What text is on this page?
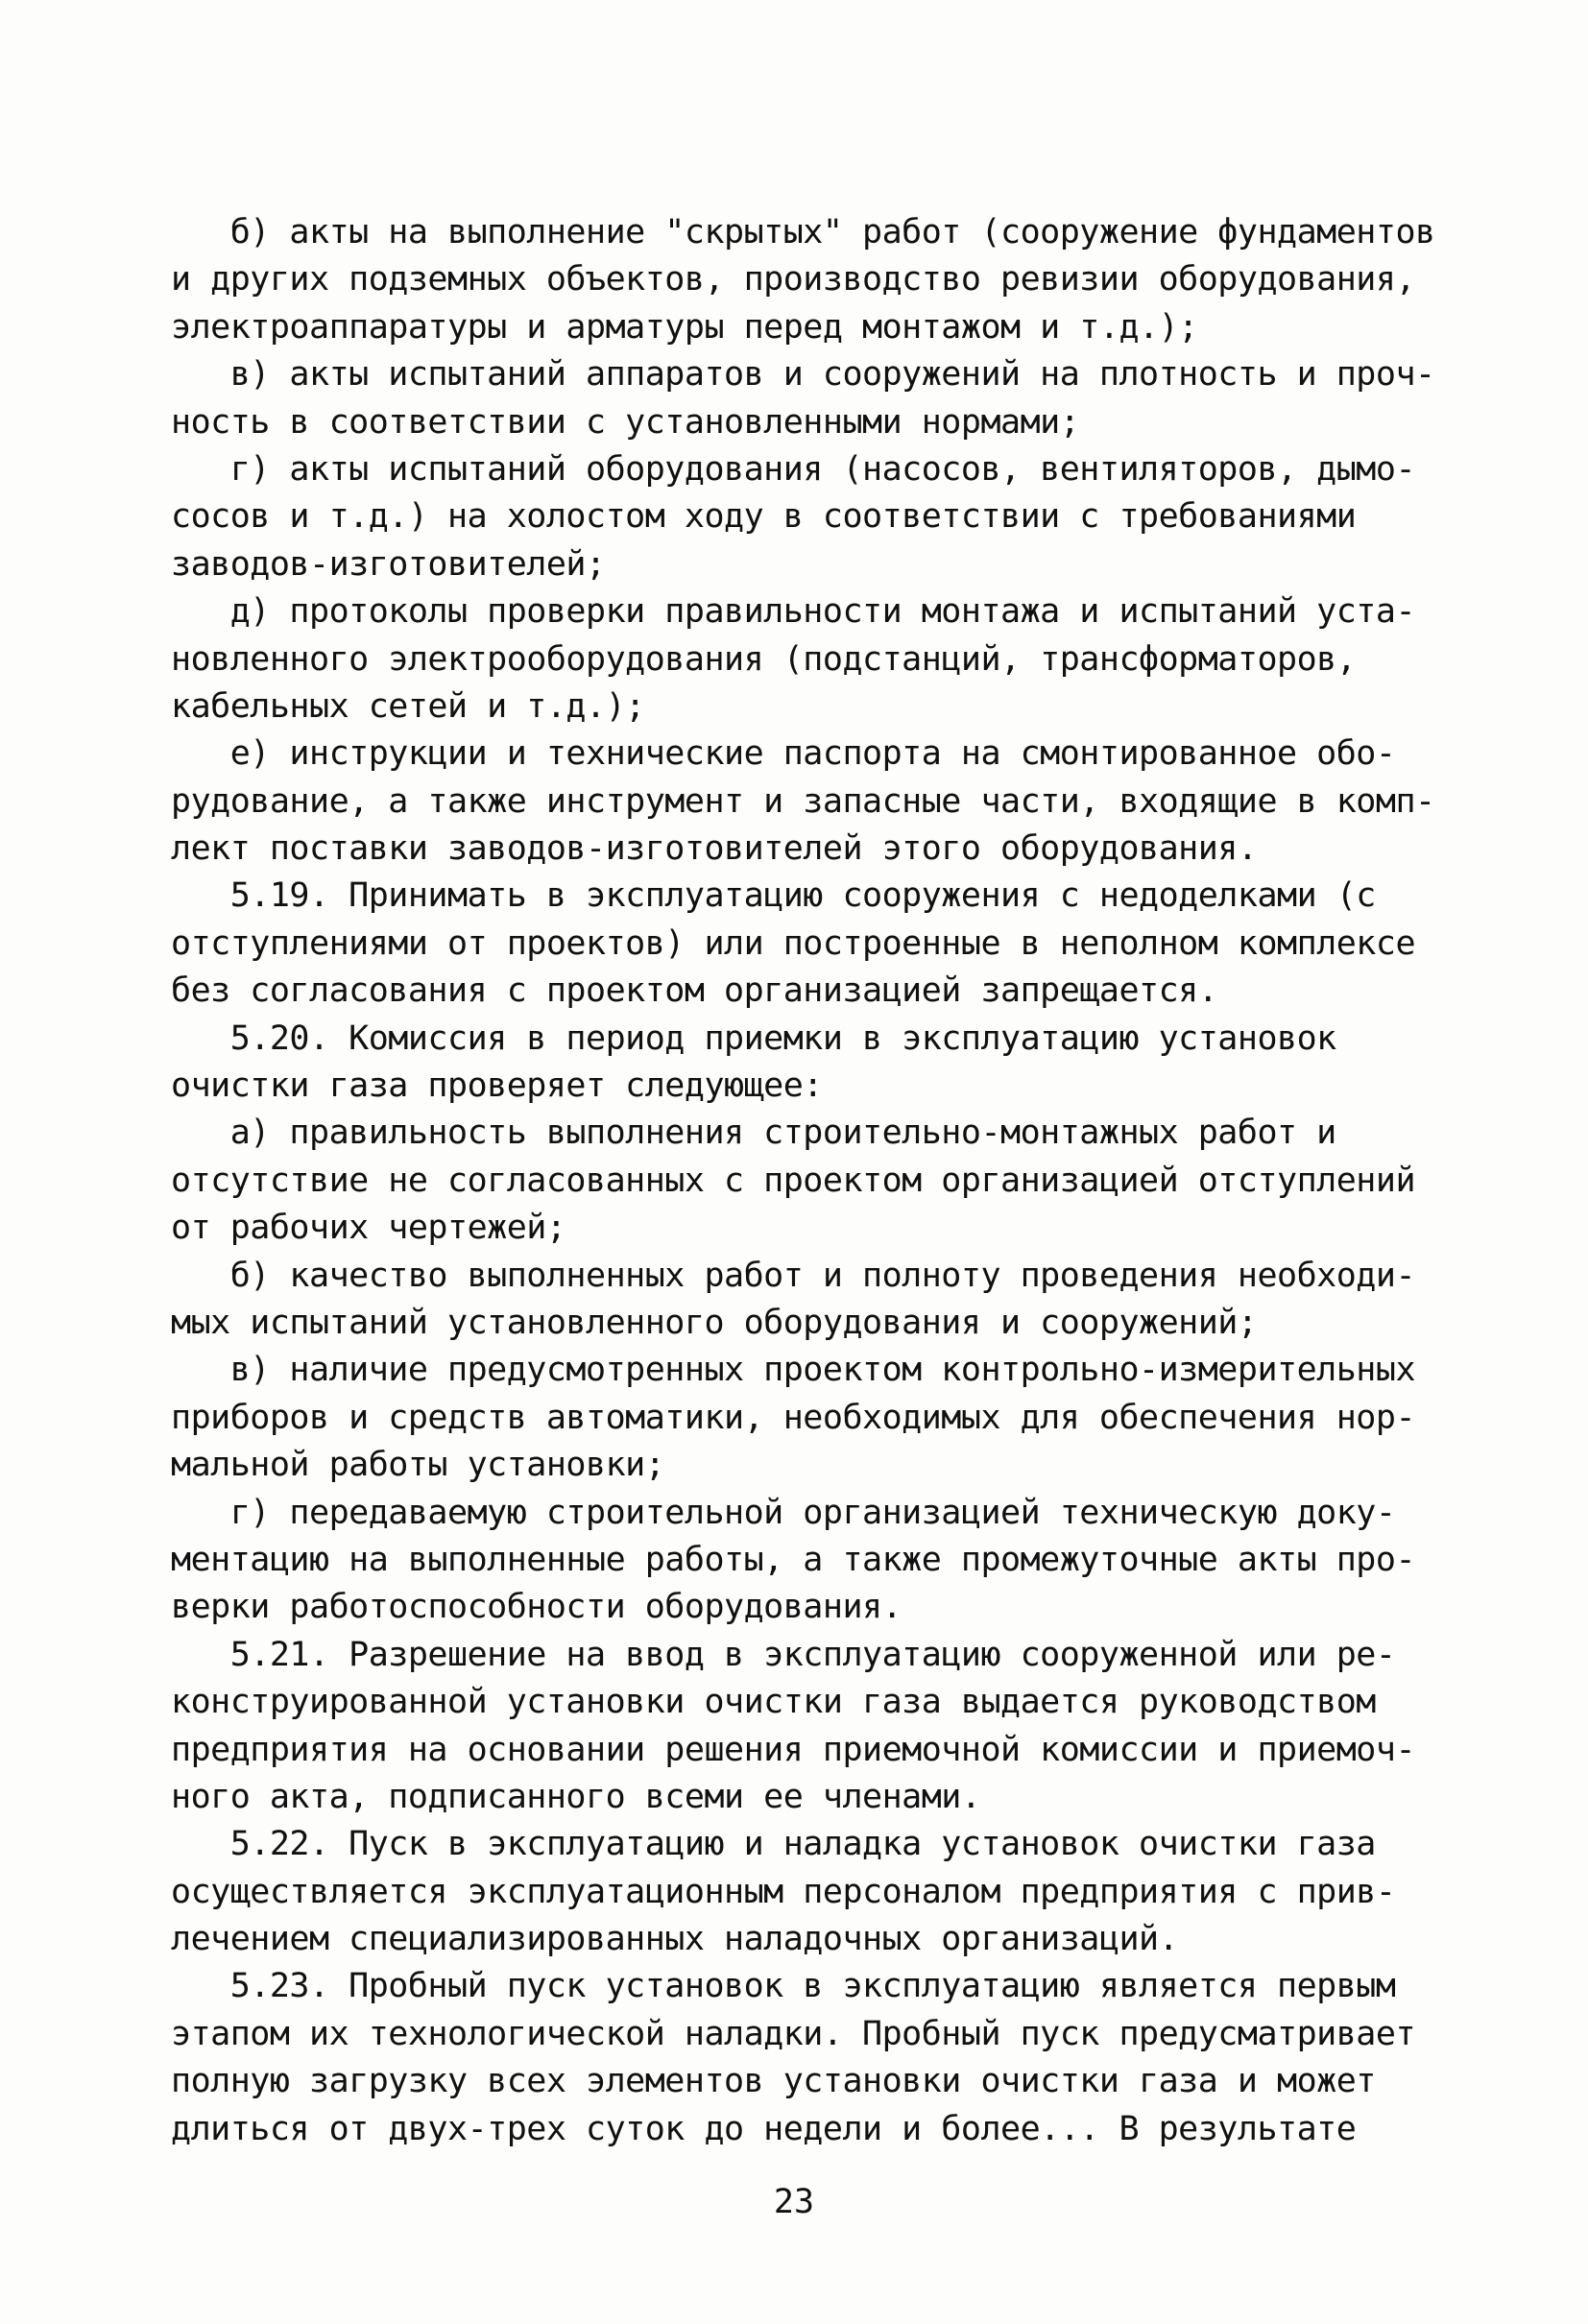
б) акты на выполнение "скрытых" работ (сооружение фундаментов
и других подземных объектов, производство ревизии оборудования,
электроаппаратуры и арматуры перед монтажом и т.д.);
в) акты испытаний аппаратов и сооружений на плотность и проч-
ность в соответствии с установленными нормами;
г) акты испытаний оборудования (насосов, вентиляторов, дымо-
сосов и т.д.) на холостом ходу в соответствии с требованиями
заводов-изготовителей;
д) протоколы проверки правильности монтажа и испытаний уста-
новленного электрооборудования (подстанций, трансформаторов,
кабельных сетей и т.д.);
е) инструкции и технические паспорта на смонтированное обо-
рудование, а также инструмент и запасные части, входящие в комп-
лект поставки заводов-изготовителей этого оборудования.
5.19. Принимать в эксплуатацию сооружения с недоделками (с
отступлениями от проектов) или построенные в неполном комплексе
без согласования с проектом организацией запрещается.
5.20. Комиссия в период приемки в эксплуатацию установок
очистки газа проверяет следующее:
а) правильность выполнения строительно-монтажных работ и
отсутствие не согласованных с проектом организацией отступлений
от рабочих чертежей;
б) качество выполненных работ и полноту проведения необходи-
мых испытаний установленного оборудования и сооружений;
в) наличие предусмотренных проектом контрольно-измерительных
приборов и средств автоматики, необходимых для обеспечения нор-
мальной работы установки;
г) передаваемую строительной организацией техническую доку-
ментацию на выполненные работы, а также промежуточные акты про-
верки работоспособности оборудования.
5.21. Разрешение на ввод в эксплуатацию сооруженной или ре-
конструированной установки очистки газа выдается руководством
предприятия на основании решения приемочной комиссии и приемоч-
ного акта, подписанного всеми ее членами.
5.22. Пуск в эксплуатацию и наладка установок очистки газа
осуществляется эксплуатационным персоналом предприятия с прив-
лечением специализированных наладочных организаций.
5.23. Пробный пуск установок в эксплуатацию является первым
этапом их технологической наладки. Пробный пуск предусматривает
полную загрузку всех элементов установки очистки газа и может
длиться от двух-трех суток до недели и более... В результате
23
